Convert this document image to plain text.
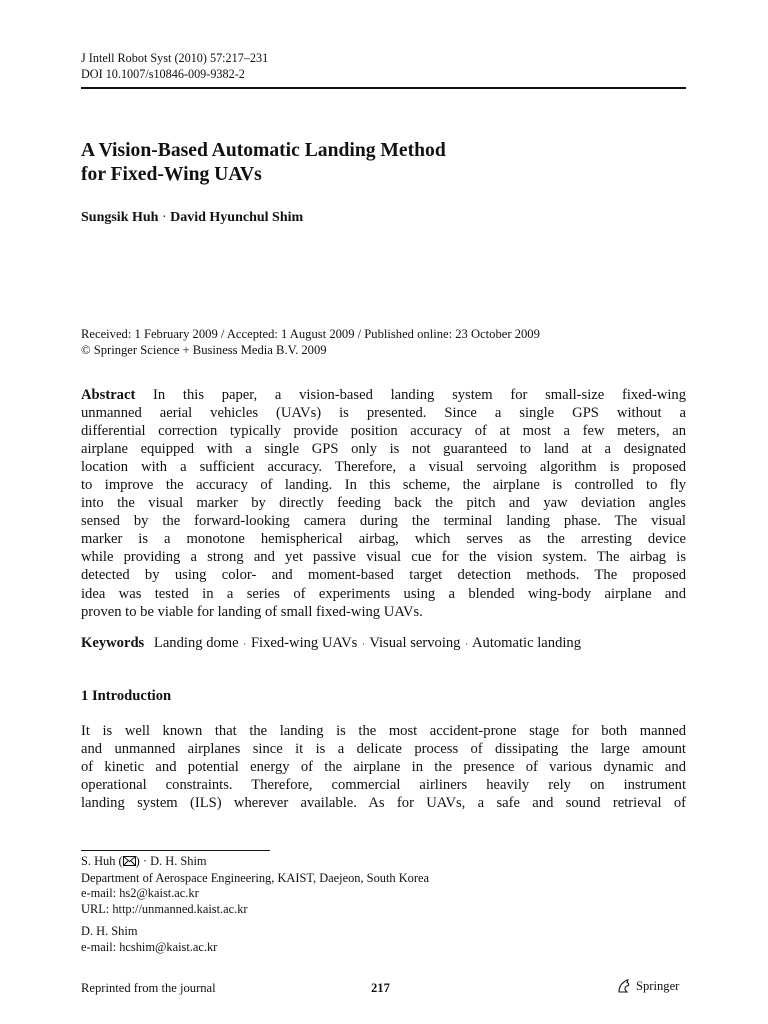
J Intell Robot Syst (2010) 57:217–231
DOI 10.1007/s10846-009-9382-2
A Vision-Based Automatic Landing Method
for Fixed-Wing UAVs
Sungsik Huh · David Hyunchul Shim
Received: 1 February 2009 / Accepted: 1 August 2009 / Published online: 23 October 2009
© Springer Science + Business Media B.V. 2009
Abstract In this paper, a vision-based landing system for small-size fixed-wing
unmanned aerial vehicles (UAVs) is presented. Since a single GPS without a
differential correction typically provide position accuracy of at most a few meters, an
airplane equipped with a single GPS only is not guaranteed to land at a designated
location with a sufficient accuracy. Therefore, a visual servoing algorithm is proposed
to improve the accuracy of landing. In this scheme, the airplane is controlled to fly
into the visual marker by directly feeding back the pitch and yaw deviation angles
sensed by the forward-looking camera during the terminal landing phase. The visual
marker is a monotone hemispherical airbag, which serves as the arresting device
while providing a strong and yet passive visual cue for the vision system. The airbag is
detected by using color- and moment-based target detection methods. The proposed
idea was tested in a series of experiments using a blended wing-body airplane and
proven to be viable for landing of small fixed-wing UAVs.
Keywords Landing dome · Fixed-wing UAVs · Visual servoing · Automatic landing
1 Introduction
It is well known that the landing is the most accident-prone stage for both manned
and unmanned airplanes since it is a delicate process of dissipating the large amount
of kinetic and potential energy of the airplane in the presence of various dynamic and
operational constraints. Therefore, commercial airliners heavily rely on instrument
landing system (ILS) wherever available. As for UAVs, a safe and sound retrieval of
S. Huh ( ) · D. H. Shim
Department of Aerospace Engineering, KAIST, Daejeon, South Korea
e-mail: hs2@kaist.ac.kr
URL: http://unmanned.kaist.ac.kr
D. H. Shim
e-mail: hcshim@kaist.ac.kr
Reprinted from the journal	217	Springer
